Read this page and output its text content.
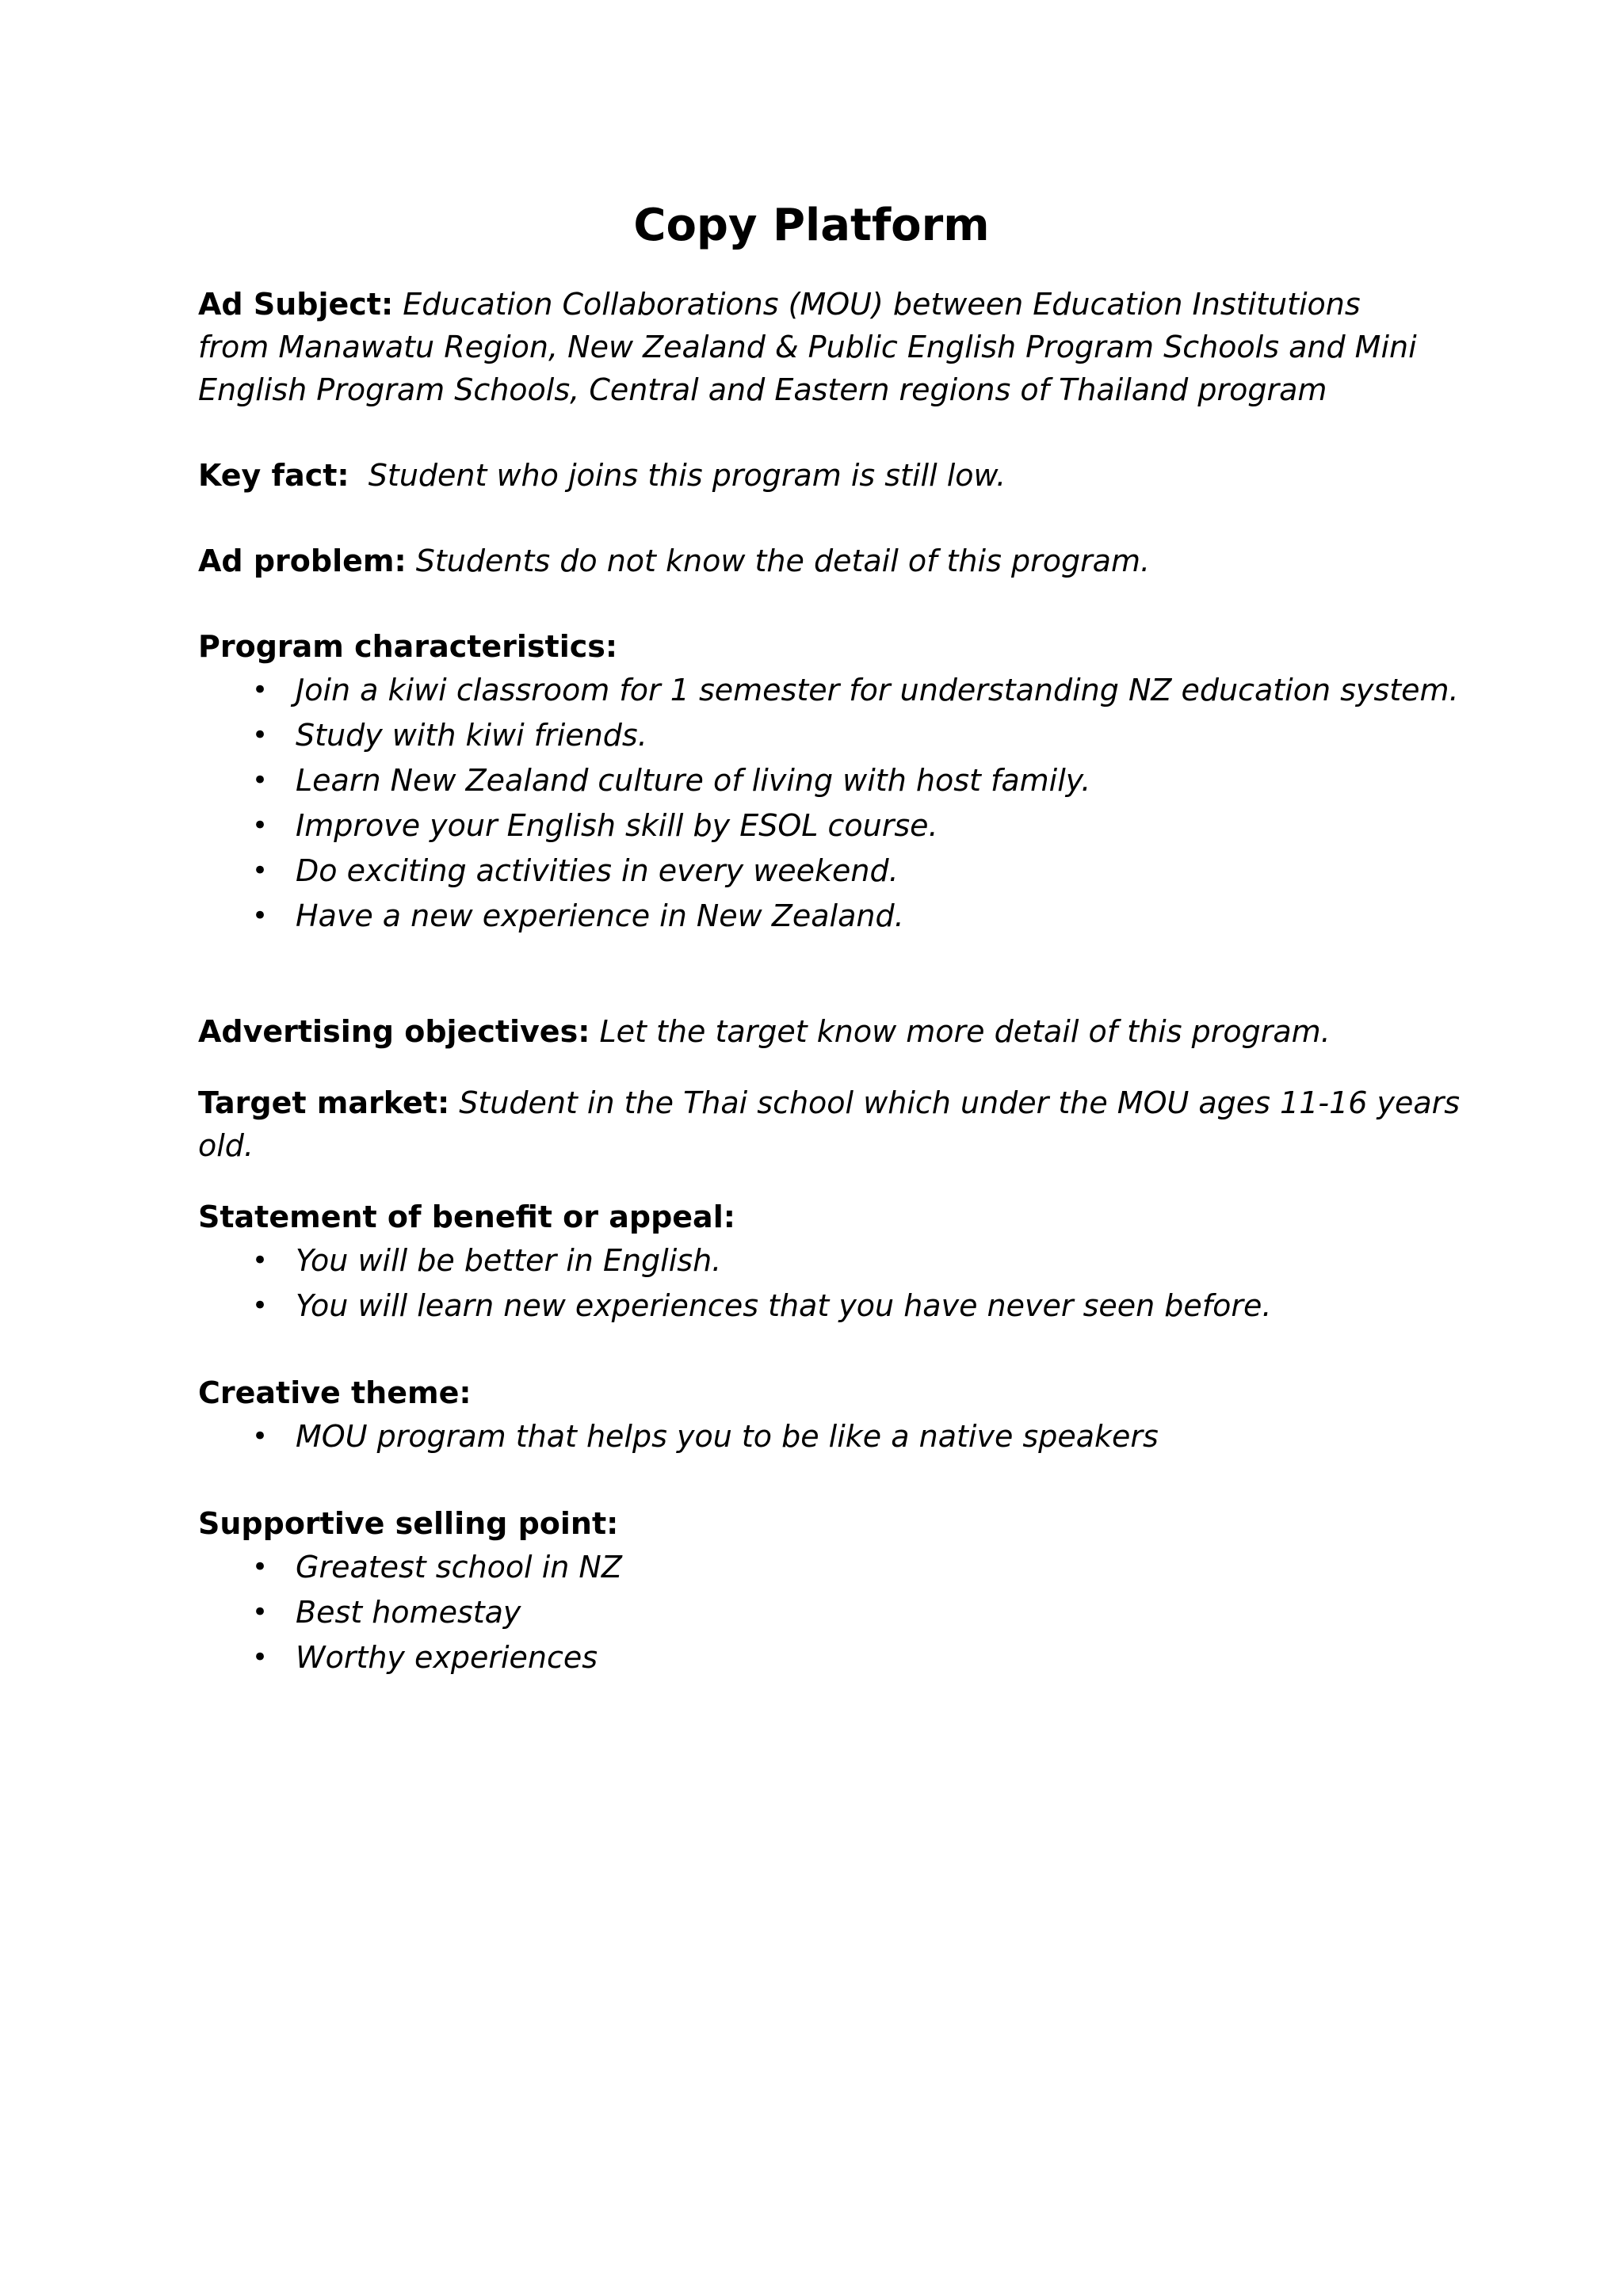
Copy Platform

Ad Subject: Education Collaborations (MOU) between Education Institutions from Manawatu Region, New Zealand & Public English Program Schools and Mini English Program Schools, Central and Eastern regions of Thailand program

Key fact: Student who joins this program is still low.

Ad problem: Students do not know the detail of this program.

Program characteristics:
• Join a kiwi classroom for 1 semester for understanding NZ education system.
• Study with kiwi friends.
• Learn New Zealand culture of living with host family.
• Improve your English skill by ESOL course.
• Do exciting activities in every weekend.
• Have a new experience in New Zealand.

Advertising objectives: Let the target know more detail of this program.

Target market: Student in the Thai school which under the MOU ages 11-16 years old.

Statement of benefit or appeal:
• You will be better in English.
• You will learn new experiences that you have never seen before.
Creative theme:
• MOU program that helps you to be like a native speakers
Supportive selling point:
• Greatest school in NZ
• Best homestay
• Worthy experiences
